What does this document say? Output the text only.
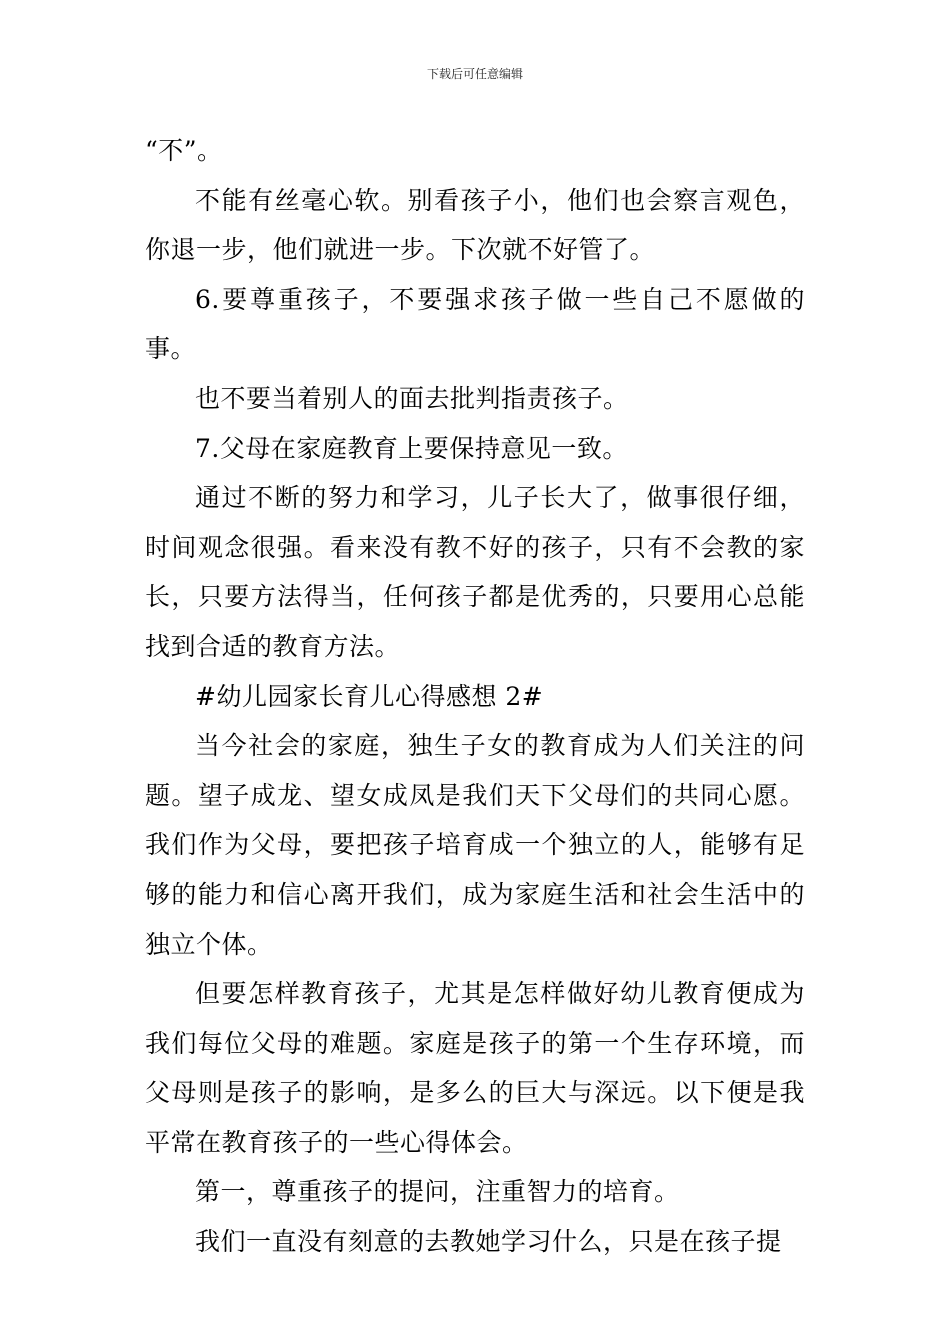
下载后可任意编辑

“不”。

不能有丝毫心软。别看孩子小，他们也会察言观色，你退一步，他们就进一步。下次就不好管了。

6.要尊重孩子，不要强求孩子做一些自己不愿做的事。

也不要当着别人的面去批判指责孩子。

7.父母在家庭教育上要保持意见一致。

通过不断的努力和学习，儿子长大了，做事很仔细，时间观念很强。看来没有教不好的孩子，只有不会教的家长，只要方法得当，任何孩子都是优秀的，只要用心总能找到合适的教育方法。

#幼儿园家长育儿心得感想 2#

当今社会的家庭，独生子女的教育成为人们关注的问题。望子成龙、望女成凤是我们天下父母们的共同心愿。我们作为父母，要把孩子培育成一个独立的人，能够有足够的能力和信心离开我们，成为家庭生活和社会生活中的独立个体。

但要怎样教育孩子，尤其是怎样做好幼儿教育便成为我们每位父母的难题。家庭是孩子的第一个生存环境，而父母则是孩子的影响，是多么的巨大与深远。以下便是我平常在教育孩子的一些心得体会。

第一，尊重孩子的提问，注重智力的培育。

我们一直没有刻意的去教她学习什么，只是在孩子提
